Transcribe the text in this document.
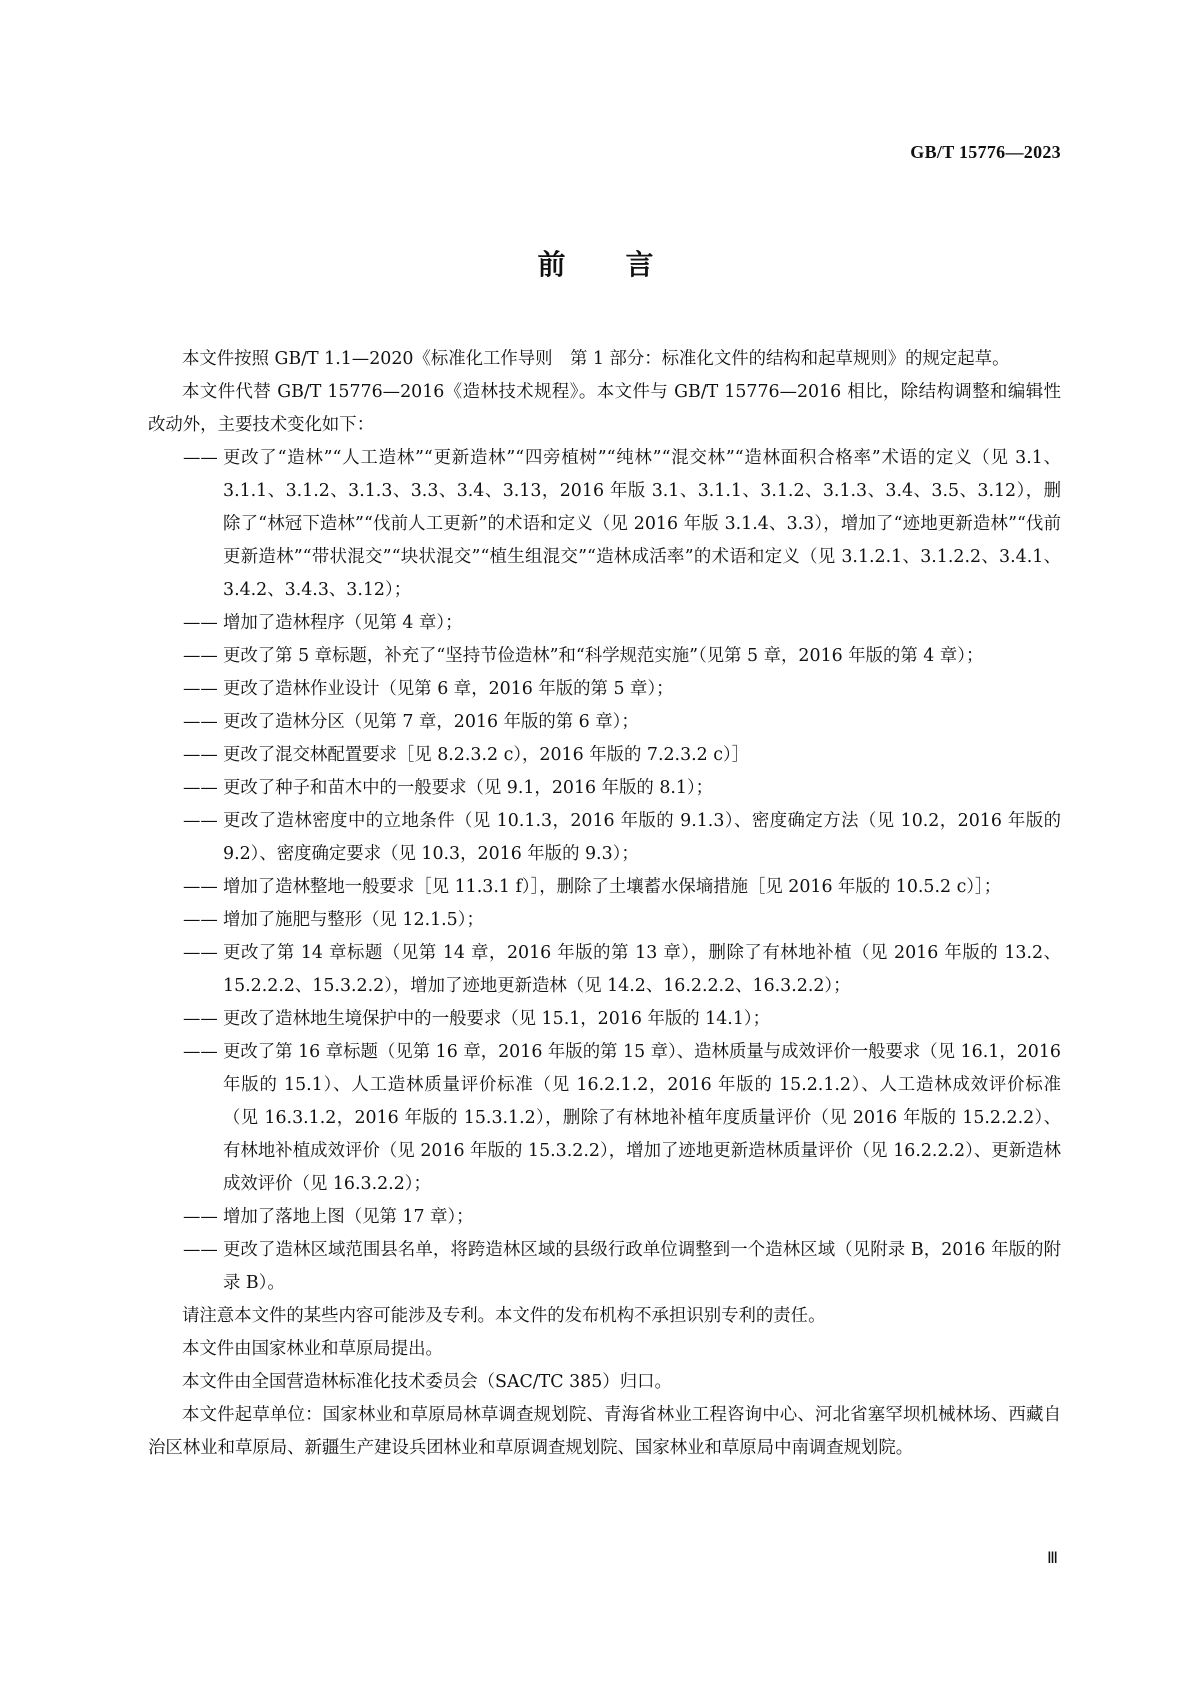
GB/T 15776—2023
前言

本文件按照 GB/T 1.1—2020《标准化工作导则　第 1 部分：标准化文件的结构和起草规则》的规定起草。

本文件代替 GB/T 15776—2016《造林技术规程》。本文件与 GB/T 15776—2016 相比，除结构调整和编辑性改动外，主要技术变化如下：

—— 更改了“造林”“人工造林”“更新造林”“四旁植树”“纯林”“混交林”“造林面积合格率”术语的定义（见 3.1、3.1.1、3.1.2、3.1.3、3.3、3.4、3.13，2016 年版 3.1、3.1.1、3.1.2、3.1.3、3.4、3.5、3.12），删除了“林冠下造林”“伐前人工更新”的术语和定义（见 2016 年版 3.1.4、3.3），增加了“迹地更新造林”“伐前更新造林”“带状混交”“块状混交”“植生组混交”“造林成活率”的术语和定义（见 3.1.2.1、3.1.2.2、3.4.1、3.4.2、3.4.3、3.12）；

—— 增加了造林程序（见第 4 章）；

—— 更改了第 5 章标题，补充了“坚持节俭造林”和“科学规范实施”（见第 5 章，2016 年版的第 4 章）；

—— 更改了造林作业设计（见第 6 章，2016 年版的第 5 章）；

—— 更改了造林分区（见第 7 章，2016 年版的第 6 章）；

—— 更改了混交林配置要求［见 8.2.3.2 c），2016 年版的 7.2.3.2 c）］

—— 更改了种子和苗木中的一般要求（见 9.1，2016 年版的 8.1）；

—— 更改了造林密度中的立地条件（见 10.1.3，2016 年版的 9.1.3）、密度确定方法（见 10.2，2016 年版的 9.2）、密度确定要求（见 10.3，2016 年版的 9.3）；

—— 增加了造林整地一般要求［见 11.3.1 f）］，删除了土壤蓄水保墒措施［见 2016 年版的 10.5.2 c）］；

—— 增加了施肥与整形（见 12.1.5）；

—— 更改了第 14 章标题（见第 14 章，2016 年版的第 13 章），删除了有林地补植（见 2016 年版的 13.2、15.2.2.2、15.3.2.2），增加了迹地更新造林（见 14.2、16.2.2.2、16.3.2.2）；

—— 更改了造林地生境保护中的一般要求（见 15.1，2016 年版的 14.1）；

—— 更改了第 16 章标题（见第 16 章，2016 年版的第 15 章）、造林质量与成效评价一般要求（见 16.1，2016 年版的 15.1）、人工造林质量评价标准（见 16.2.1.2，2016 年版的 15.2.1.2）、人工造林成效评价标准（见 16.3.1.2，2016 年版的 15.3.1.2），删除了有林地补植年度质量评价（见 2016 年版的 15.2.2.2）、有林地补植成效评价（见 2016 年版的 15.3.2.2），增加了迹地更新造林质量评价（见 16.2.2.2）、更新造林成效评价（见 16.3.2.2）；

—— 增加了落地上图（见第 17 章）；

—— 更改了造林区域范围县名单，将跨造林区域的县级行政单位调整到一个造林区域（见附录 B，2016 年版的附录 B）。

请注意本文件的某些内容可能涉及专利。本文件的发布机构不承担识别专利的责任。

本文件由国家林业和草原局提出。

本文件由全国营造林标准化技术委员会（SAC/TC 385）归口。

本文件起草单位：国家林业和草原局林草调查规划院、青海省林业工程咨询中心、河北省塞罕坝机械林场、西藏自治区林业和草原局、新疆生产建设兵团林业和草原调查规划院、国家林业和草原局中南调查规划院。

Ⅲ
